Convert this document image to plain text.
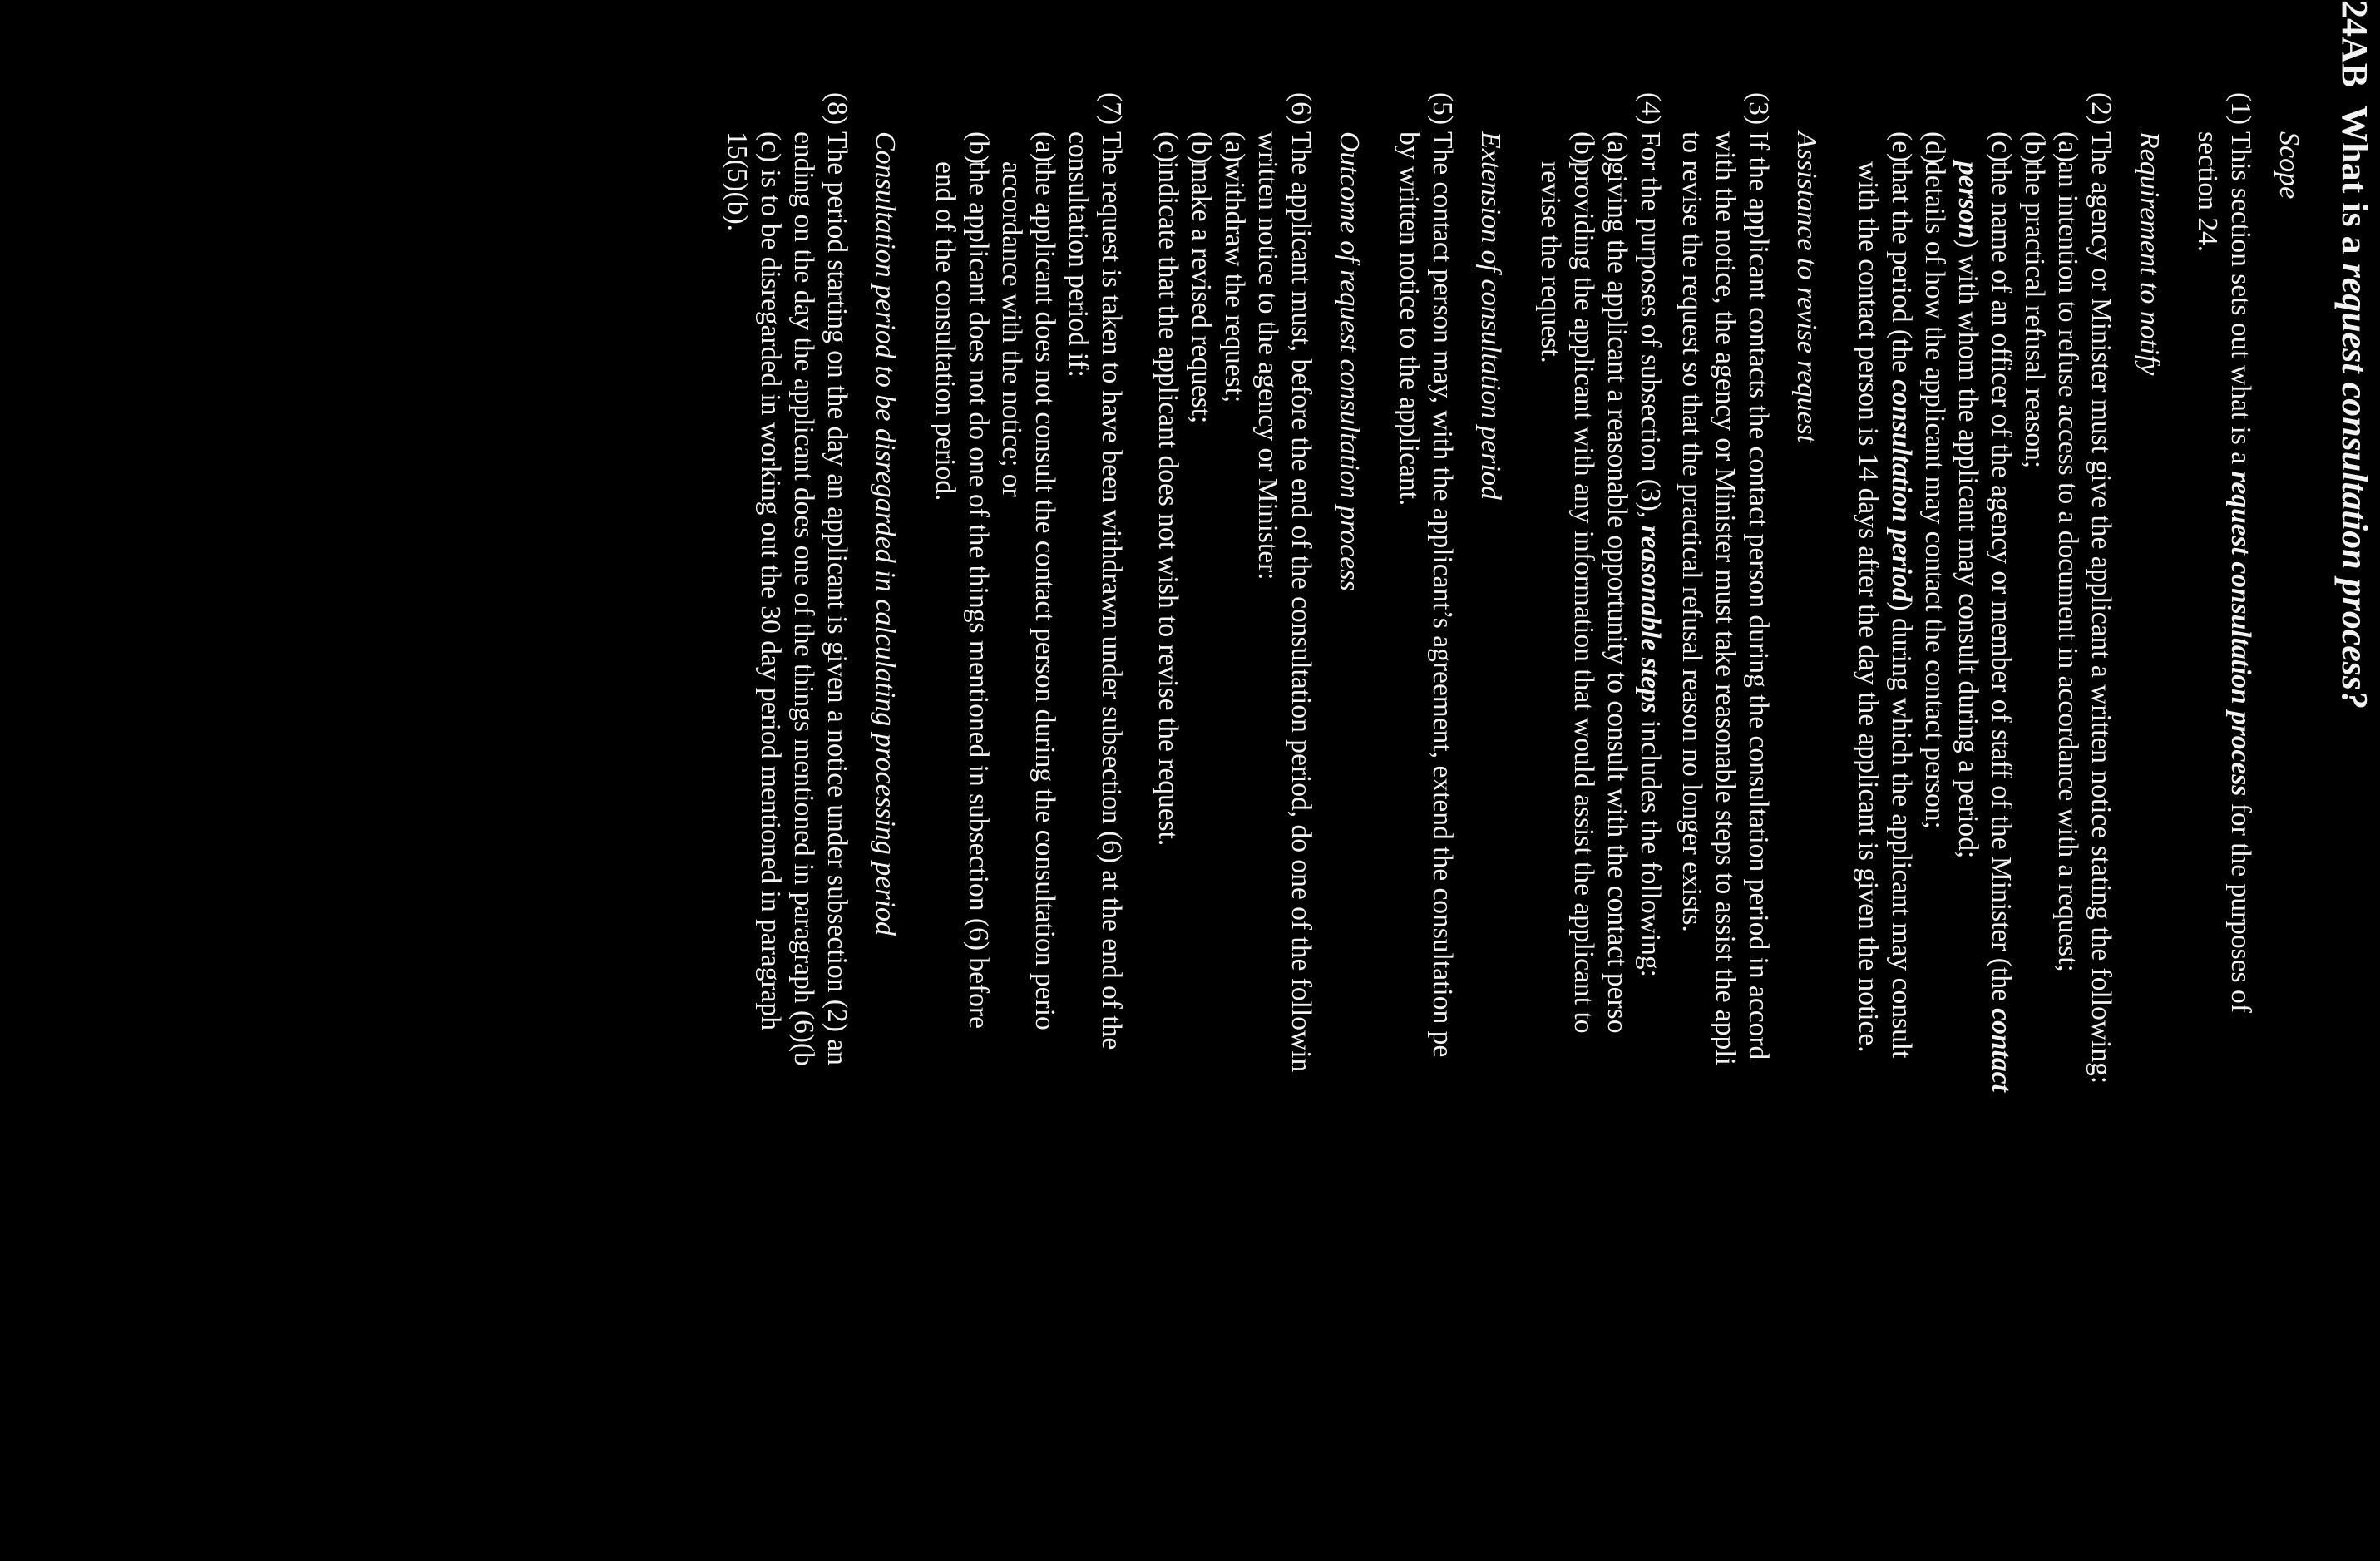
24AB  What is a request consultation process?
Scope
(1)
This section sets out what is a request consultation process for the purposes of
section 24.
Requirement to notify
(2)
The agency or Minister must give the applicant a written notice stating the following:
(a)
an intention to refuse access to a document in accordance with a request;
(b)
the practical refusal reason;
(c)
the name of an officer of the agency or member of staff of the Minister (the contact
person) with whom the applicant may consult during a period;
(d)
details of how the applicant may contact the contact person;
(e)
that the period (the consultation period) during which the applicant may consult
with the contact person is 14 days after the day the applicant is given the notice.
Assistance to revise request
(3)
If the applicant contacts the contact person during the consultation period in accord
with the notice, the agency or Minister must take reasonable steps to assist the appli
to revise the request so that the practical refusal reason no longer exists.
(4)
For the purposes of subsection (3), reasonable steps includes the following:
(a)
giving the applicant a reasonable opportunity to consult with the contact perso
(b)
providing the applicant with any information that would assist the applicant to
revise the request.
Extension of consultation period
(5)
The contact person may, with the applicant’s agreement, extend the consultation pe
by written notice to the applicant.
Outcome of request consultation process
(6)
The applicant must, before the end of the consultation period, do one of the followin
written notice to the agency or Minister:
(a)
withdraw the request;
(b)
make a revised request;
(c)
indicate that the applicant does not wish to revise the request.
(7)
The request is taken to have been withdrawn under subsection (6) at the end of the
consultation period if:
(a)
the applicant does not consult the contact person during the consultation perio
accordance with the notice; or
(b)
the applicant does not do one of the things mentioned in subsection (6) before
end of the consultation period.
Consultation period to be disregarded in calculating processing period
(8)
The period starting on the day an applicant is given a notice under subsection (2) an
ending on the day the applicant does one of the things mentioned in paragraph (6)(b
(c) is to be disregarded in working out the 30 day period mentioned in paragraph
15(5)(b).
